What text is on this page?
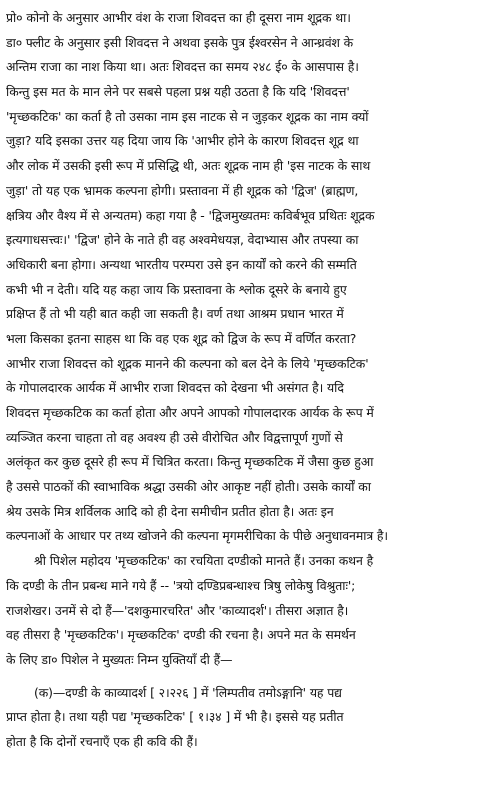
प्रो० कोनो के अनुसार आभीर वंश के राजा शिवदत्त का ही दूसरा नाम शूद्रक था।
डा० फ्लीट के अनुसार इसी शिवदत्त ने अथवा इसके पुत्र ईश्वरसेन ने आन्ध्रवंश के
अन्तिम राजा का नाश किया था। अतः शिवदत्त का समय २४८ ई० के आसपास है।
किन्तु इस मत के मान लेने पर सबसे पहला प्रश्न यही उठता है कि यदि 'शिवदत्त'
'मृच्छकटिक' का कर्ता है तो उसका नाम इस नाटक से न जुड़कर शूद्रक का नाम क्यों
जुड़ा? यदि इसका उत्तर यह दिया जाय कि 'आभीर होने के कारण शिवदत्त शूद्र था
और लोक में उसकी इसी रूप में प्रसिद्धि थी, अतः शूद्रक नाम ही 'इस नाटक के साथ
जुड़ा' तो यह एक भ्रामक कल्पना होगी। प्रस्तावना में ही शूद्रक को 'द्विज' (ब्राह्मण,
क्षत्रिय और वैश्य में से अन्यतम) कहा गया है - 'द्विजमुख्यतमः कविर्बभूव प्रथितः शूद्रक
इत्यगाधसत्त्वः।' 'द्विज' होने के नाते ही वह अश्वमेधयज्ञ, वेदाभ्यास और तपस्या का
अधिकारी बना होगा। अन्यथा भारतीय परम्परा उसे इन कार्यों को करने की सम्मति
कभी भी न देती। यदि यह कहा जाय कि प्रस्तावना के श्लोक दूसरे के बनाये हुए
प्रक्षिप्त हैं तो भी यही बात कही जा सकती है। वर्ण तथा आश्रम प्रधान भारत में
भला किसका इतना साहस था कि वह एक शूद्र को द्विज के रूप में वर्णित करता?
आभीर राजा शिवदत्त को शूद्रक मानने की कल्पना को बल देने के लिये 'मृच्छकटिक'
के गोपालदारक आर्यक में आभीर राजा शिवदत्त को देखना भी असंगत है। यदि
शिवदत्त मृच्छकटिक का कर्ता होता और अपने आपको गोपालदारक आर्यक के रूप में
व्यञ्जित करना चाहता तो वह अवश्य ही उसे वीरोचित और विद्वत्तापूर्ण गुणों से
अलंकृत कर कुछ दूसरे ही रूप में चित्रित करता। किन्तु मृच्छकटिक में जैसा कुछ हुआ
है उससे पाठकों की स्वाभाविक श्रद्धा उसकी ओर आकृष्ट नहीं होती। उसके कार्यों का
श्रेय उसके मित्र शर्विलक आदि को ही देना समीचीन प्रतीत होता है। अतः इन
कल्पनाओं के आधार पर तथ्य खोजने की कल्पना मृगमरीचिका के पीछे अनुधावनमात्र है।
श्री पिशेल महोदय 'मृच्छकटिक' का रचयिता दण्डीको मानते हैं। उनका कथन है
कि दण्डी के तीन प्रबन्ध माने गये हैं -- 'त्रयो दण्डिप्रबन्धाश्च त्रिषु लोकेषु विश्रुताः';
राजशेखर। उनमें से दो हैं—'दशकुमारचरित' और 'काव्यादर्श'। तीसरा अज्ञात है।
वह तीसरा है 'मृच्छकटिक'। मृच्छकटिक' दण्डी की रचना है। अपने मत के समर्थन
के लिए डा० पिशेल ने मुख्यतः निम्न युक्तियाँ दी हैं—
(क)—दण्डी के काव्यादर्श [ २।२२६ ] में 'लिम्पतीव तमोऽङ्गानि' यह पद्य
प्राप्त होता है। तथा यही पद्य 'मृच्छकटिक' [ १।३४ ] में भी है। इससे यह प्रतीत
होता है कि दोनों रचनाएँ एक ही कवि की हैं।
